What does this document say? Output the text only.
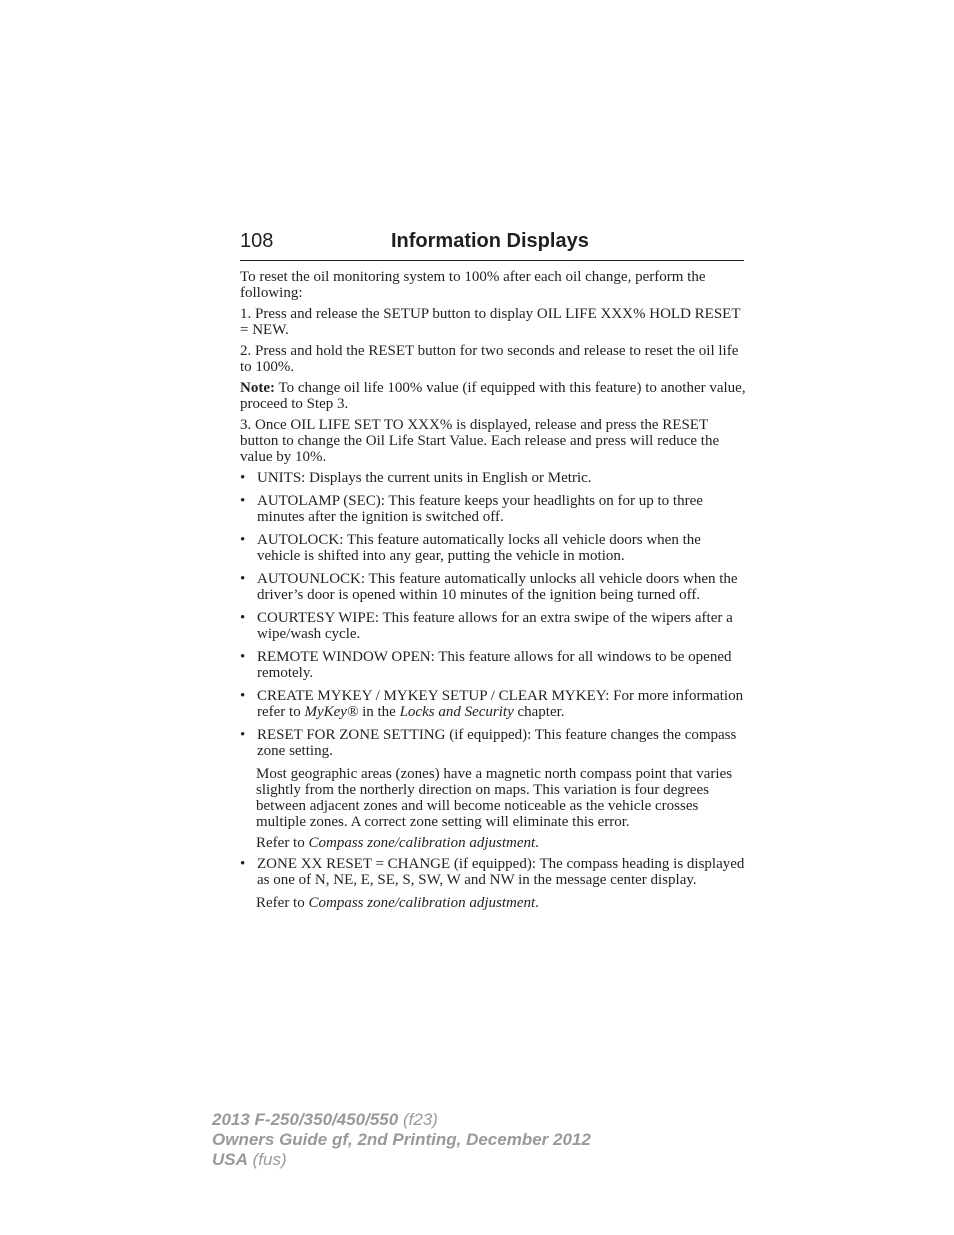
108	Information Displays

To reset the oil monitoring system to 100% after each oil change, perform the following:

1. Press and release the SETUP button to display OIL LIFE XXX% HOLD RESET = NEW.

2. Press and hold the RESET button for two seconds and release to reset the oil life to 100%.

Note: To change oil life 100% value (if equipped with this feature) to another value, proceed to Step 3.

3. Once OIL LIFE SET TO XXX% is displayed, release and press the RESET button to change the Oil Life Start Value. Each release and press will reduce the value by 10%.

• UNITS: Displays the current units in English or Metric.
• AUTOLAMP (SEC): This feature keeps your headlights on for up to three minutes after the ignition is switched off.
• AUTOLOCK: This feature automatically locks all vehicle doors when the vehicle is shifted into any gear, putting the vehicle in motion.
• AUTOUNLOCK: This feature automatically unlocks all vehicle doors when the driver’s door is opened within 10 minutes of the ignition being turned off.
• COURTESY WIPE: This feature allows for an extra swipe of the wipers after a wipe/wash cycle.
• REMOTE WINDOW OPEN: This feature allows for all windows to be opened remotely.
• CREATE MYKEY / MYKEY SETUP / CLEAR MYKEY: For more information refer to MyKey® in the Locks and Security chapter.
• RESET FOR ZONE SETTING (if equipped): This feature changes the compass zone setting.

Most geographic areas (zones) have a magnetic north compass point that varies slightly from the northerly direction on maps. This variation is four degrees between adjacent zones and will become noticeable as the vehicle crosses multiple zones. A correct zone setting will eliminate this error.

Refer to Compass zone/calibration adjustment.

• ZONE XX RESET = CHANGE (if equipped): The compass heading is displayed as one of N, NE, E, SE, S, SW, W and NW in the message center display.

Refer to Compass zone/calibration adjustment.

2013 F-250/350/450/550 (f23)
Owners Guide gf, 2nd Printing, December 2012
USA (fus)
